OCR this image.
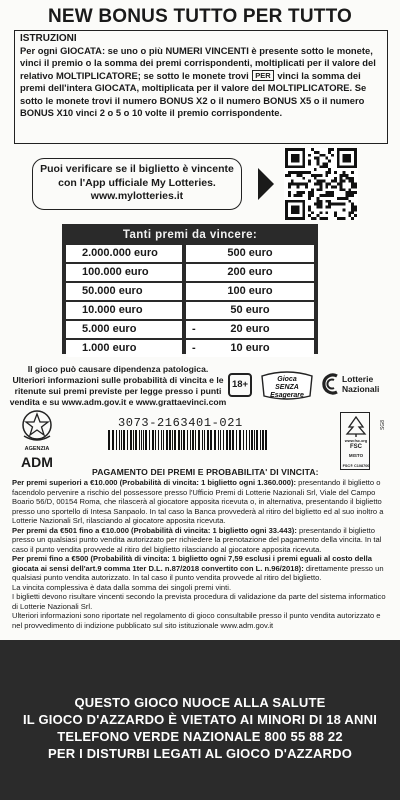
NEW BONUS TUTTO PER TUTTO
ISTRUZIONI
Per ogni GIOCATA: se uno o più NUMERI VINCENTI è presente sotto le monete, vinci il premio o la somma dei premi corrispondenti, moltiplicati per il valore del relativo MOLTIPLICATORE; se sotto le monete trovi PER vinci la somma dei premi dell'intera GIOCATA, moltiplicata per il valore del MOLTIPLICATORE. Se sotto le monete trovi il numero BONUS X2 o il numero BONUS X5 o il numero BONUS X10 vinci 2 o 5 o 10 volte il premio corrispondente.
Puoi verificare se il biglietto è vincente
con l'App ufficiale My Lotteries.
www.mylotteries.it
Tanti premi da vincere:
2.000.000 euro	500 euro
100.000 euro	200 euro
50.000 euro	100 euro
10.000 euro	50 euro
5.000 euro	-	20 euro
1.000 euro	-	10 euro
Il gioco può causare dipendenza patologica.
Ulteriori informazioni sulle probabilità di vincita e le
ritenute sui premi previste per legge presso i punti
vendita e su www.adm.gov.it e www.grattaevinci.com
18+	Gioca
SENZA
Esagerare
Lotterie
Nazionali
AGENZIA
ADM
3073-2163401-021
www.fsc.org
FSC
MISTO
FSC® C108700
SG8
PAGAMENTO DEI PREMI E PROBABILITA' DI VINCITA:
Per premi superiori a €10.000 (Probabilità di vincita: 1 biglietto ogni 1.360.000): presentando il biglietto o facendolo pervenire a rischio del possessore presso l'Ufficio Premi di Lotterie Nazionali Srl, Viale del Campo Boario 56/D, 00154 Roma, che rilascerà al giocatore apposita ricevuta o, in alternativa, presentando il biglietto presso uno sportello di Intesa Sanpaolo. In tal caso la Banca provvederà al ritiro del biglietto ed al suo inoltro a Lotterie Nazionali Srl, rilasciando al giocatore apposita ricevuta.
Per premi da €501 fino a €10.000 (Probabilità di vincita: 1 biglietto ogni 33.443): presentando il biglietto presso un qualsiasi punto vendita autorizzato per richiedere la prenotazione del pagamento della vincita. In tal caso il punto vendita provvede al ritiro del biglietto rilasciando al giocatore apposita ricevuta.
Per premi fino a €500 (Probabilità di vincita: 1 biglietto ogni 7,59 esclusi i premi eguali al costo della giocata ai sensi dell'art.9 comma 1ter D.L. n.87/2018 convertito con L. n.96/2018): direttamente presso un qualsiasi punto vendita autorizzato. In tal caso il punto vendita provvede al ritiro del biglietto.
La vincita complessiva è data dalla somma dei singoli premi vinti.
I biglietti devono risultare vincenti secondo la prevista procedura di validazione da parte del sistema informatico di Lotterie Nazionali Srl.
Ulteriori informazioni sono riportate nel regolamento di gioco consultabile presso il punto vendita autorizzato e nel provvedimento di indizione pubblicato sul sito istituzionale www.adm.gov.it
QUESTO GIOCO NUOCE ALLA SALUTE
IL GIOCO D'AZZARDO È VIETATO AI MINORI DI 18 ANNI
TELEFONO VERDE NAZIONALE 800 55 88 22
PER I DISTURBI LEGATI AL GIOCO D'AZZARDO
